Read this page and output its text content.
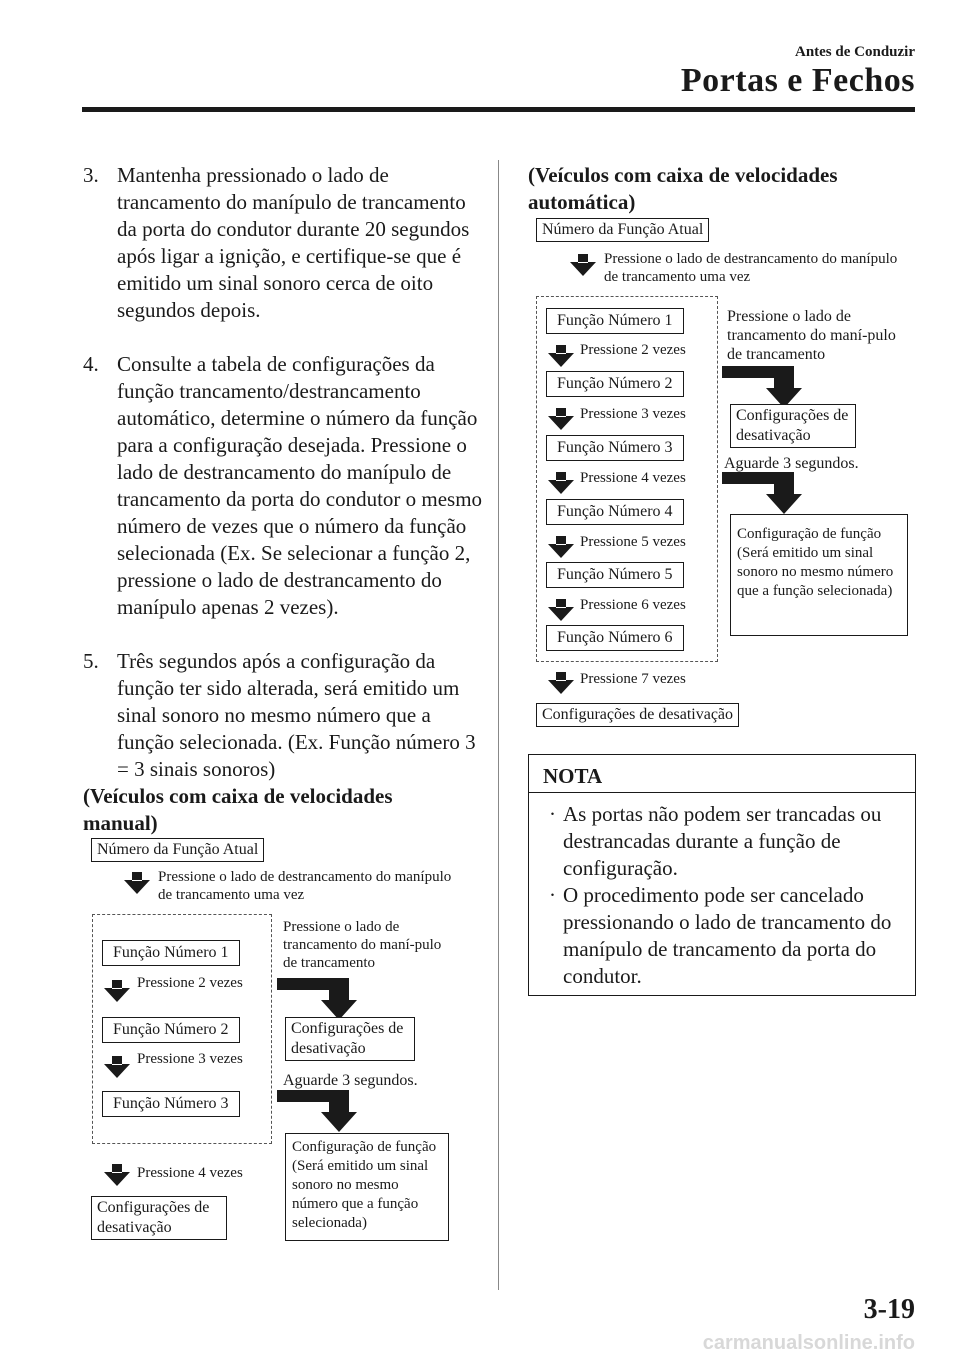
Antes de Conduzir
Portas e Fechos
3. Mantenha pressionado o lado de trancamento do manípulo de trancamento da porta do condutor durante 20 segundos após ligar a ignição, e certifique-se que é emitido um sinal sonoro cerca de oito segundos depois.
4. Consulte a tabela de configurações da função trancamento/destrancamento automático, determine o número da função para a configuração desejada. Pressione o lado de destrancamento do manípulo de trancamento da porta do condutor o mesmo número de vezes que o número da função selecionada (Ex. Se selecionar a função 2, pressione o lado de destrancamento do manípulo apenas 2 vezes).
5. Três segundos após a configuração da função ter sido alterada, será emitido um sinal sonoro no mesmo número que a função selecionada. (Ex. Função número 3 = 3 sinais sonoros)
(Veículos com caixa de velocidades manual)
Número da Função Atual
Pressione o lado de destrancamento do manípulo de trancamento uma vez
Função Número 1
Pressione 2 vezes
Função Número 2
Pressione 3 vezes
Função Número 3
Pressione 4 vezes
Configurações de desativação
Pressione o lado de trancamento do maní-pulo de trancamento
Configurações de desativação
Aguarde 3 segundos.
Configuração de função (Será emitido um sinal sonoro no mesmo número que a função selecionada)
(Veículos com caixa de velocidades automática)
Número da Função Atual
Pressione o lado de destrancamento do manípulo de trancamento uma vez
Função Número 1
Pressione 2 vezes
Função Número 2
Pressione 3 vezes
Função Número 3
Pressione 4 vezes
Função Número 4
Pressione 5 vezes
Função Número 5
Pressione 6 vezes
Função Número 6
Pressione 7 vezes
Configurações de desativação
Pressione o lado de trancamento do maní-pulo de trancamento
Configurações de desativação
Aguarde 3 segundos.
Configuração de função (Será emitido um sinal sonoro no mesmo número que a função selecionada)
NOTA
· As portas não podem ser trancadas ou destrancadas durante a função de configuração.
· O procedimento pode ser cancelado pressionando o lado de trancamento do manípulo de trancamento da porta do condutor.
3-19
carmanualsonline.info
